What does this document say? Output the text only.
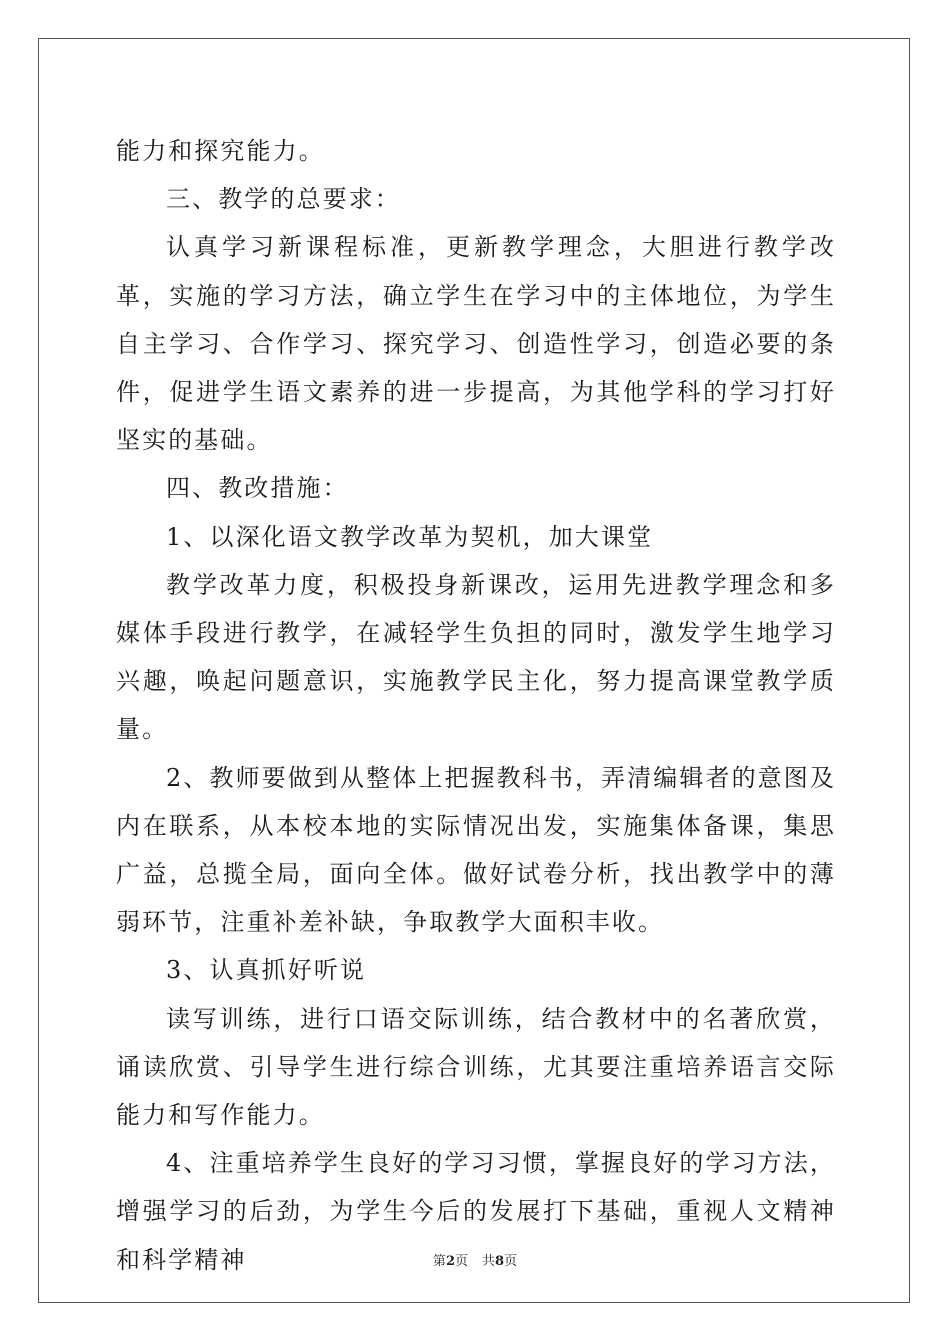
能力和探究能力。

三、教学的总要求：

认真学习新课程标准，更新教学理念，大胆进行教学改革，实施的学习方法，确立学生在学习中的主体地位，为学生自主学习、合作学习、探究学习、创造性学习，创造必要的条件，促进学生语文素养的进一步提高，为其他学科的学习打好坚实的基础。

四、教改措施：

1、以深化语文教学改革为契机，加大课堂

教学改革力度，积极投身新课改，运用先进教学理念和多媒体手段进行教学，在减轻学生负担的同时，激发学生地学习兴趣，唤起问题意识，实施教学民主化，努力提高课堂教学质量。

2、教师要做到从整体上把握教科书，弄清编辑者的意图及内在联系，从本校本地的实际情况出发，实施集体备课，集思广益，总揽全局，面向全体。做好试卷分析，找出教学中的薄弱环节，注重补差补缺，争取教学大面积丰收。

3、认真抓好听说

读写训练，进行口语交际训练，结合教材中的名著欣赏，诵读欣赏、引导学生进行综合训练，尤其要注重培养语言交际能力和写作能力。

4、注重培养学生良好的学习习惯，掌握良好的学习方法，增强学习的后劲，为学生今后的发展打下基础，重视人文精神和科学精神	第2页 共8页
